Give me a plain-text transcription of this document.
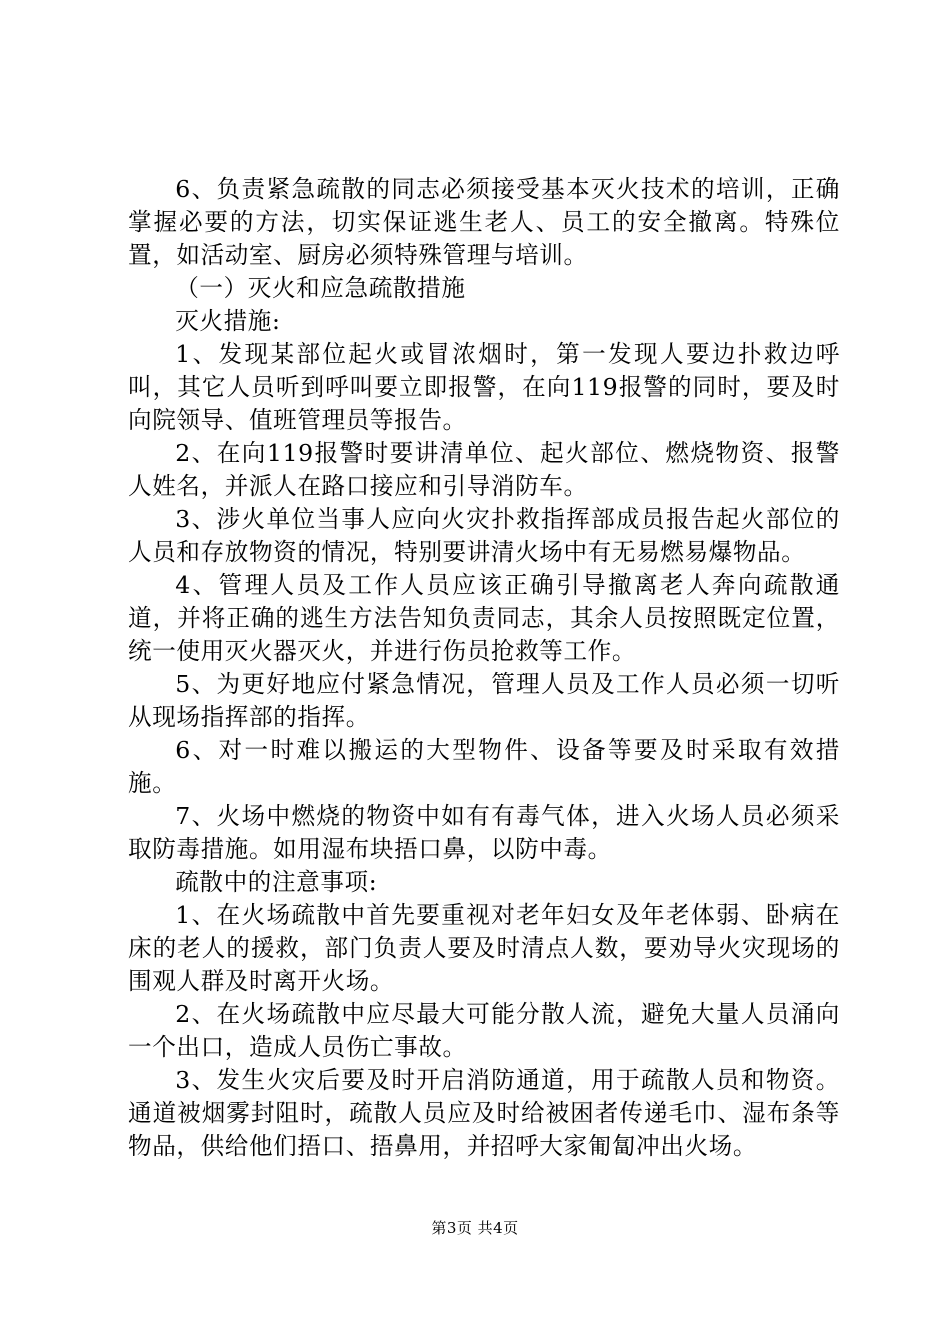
6、负责紧急疏散的同志必须接受基本灭火技术的培训，正确掌握必要的方法，切实保证逃生老人、员工的安全撤离。特殊位置，如活动室、厨房必须特殊管理与培训。

（一）灭火和应急疏散措施

灭火措施:

1、发现某部位起火或冒浓烟时，第一发现人要边扑救边呼叫，其它人员听到呼叫要立即报警，在向119报警的同时，要及时向院领导、值班管理员等报告。

2、在向119报警时要讲清单位、起火部位、燃烧物资、报警人姓名，并派人在路口接应和引导消防车。

3、涉火单位当事人应向火灾扑救指挥部成员报告起火部位的人员和存放物资的情况，特别要讲清火场中有无易燃易爆物品。

4、管理人员及工作人员应该正确引导撤离老人奔向疏散通道，并将正确的逃生方法告知负责同志，其余人员按照既定位置，统一使用灭火器灭火，并进行伤员抢救等工作。

5、为更好地应付紧急情况，管理人员及工作人员必须一切听从现场指挥部的指挥。

6、对一时难以搬运的大型物件、设备等要及时采取有效措施。

7、火场中燃烧的物资中如有有毒气体，进入火场人员必须采取防毒措施。如用湿布块捂口鼻，以防中毒。

疏散中的注意事项:

1、在火场疏散中首先要重视对老年妇女及年老体弱、卧病在床的老人的援救，部门负责人要及时清点人数，要劝导火灾现场的围观人群及时离开火场。

2、在火场疏散中应尽最大可能分散人流，避免大量人员涌向一个出口，造成人员伤亡事故。

3、发生火灾后要及时开启消防通道，用于疏散人员和物资。通道被烟雾封阻时，疏散人员应及时给被困者传递毛巾、湿布条等物品，供给他们捂口、捂鼻用，并招呼大家匍匐冲出火场。

第3页 共4页
